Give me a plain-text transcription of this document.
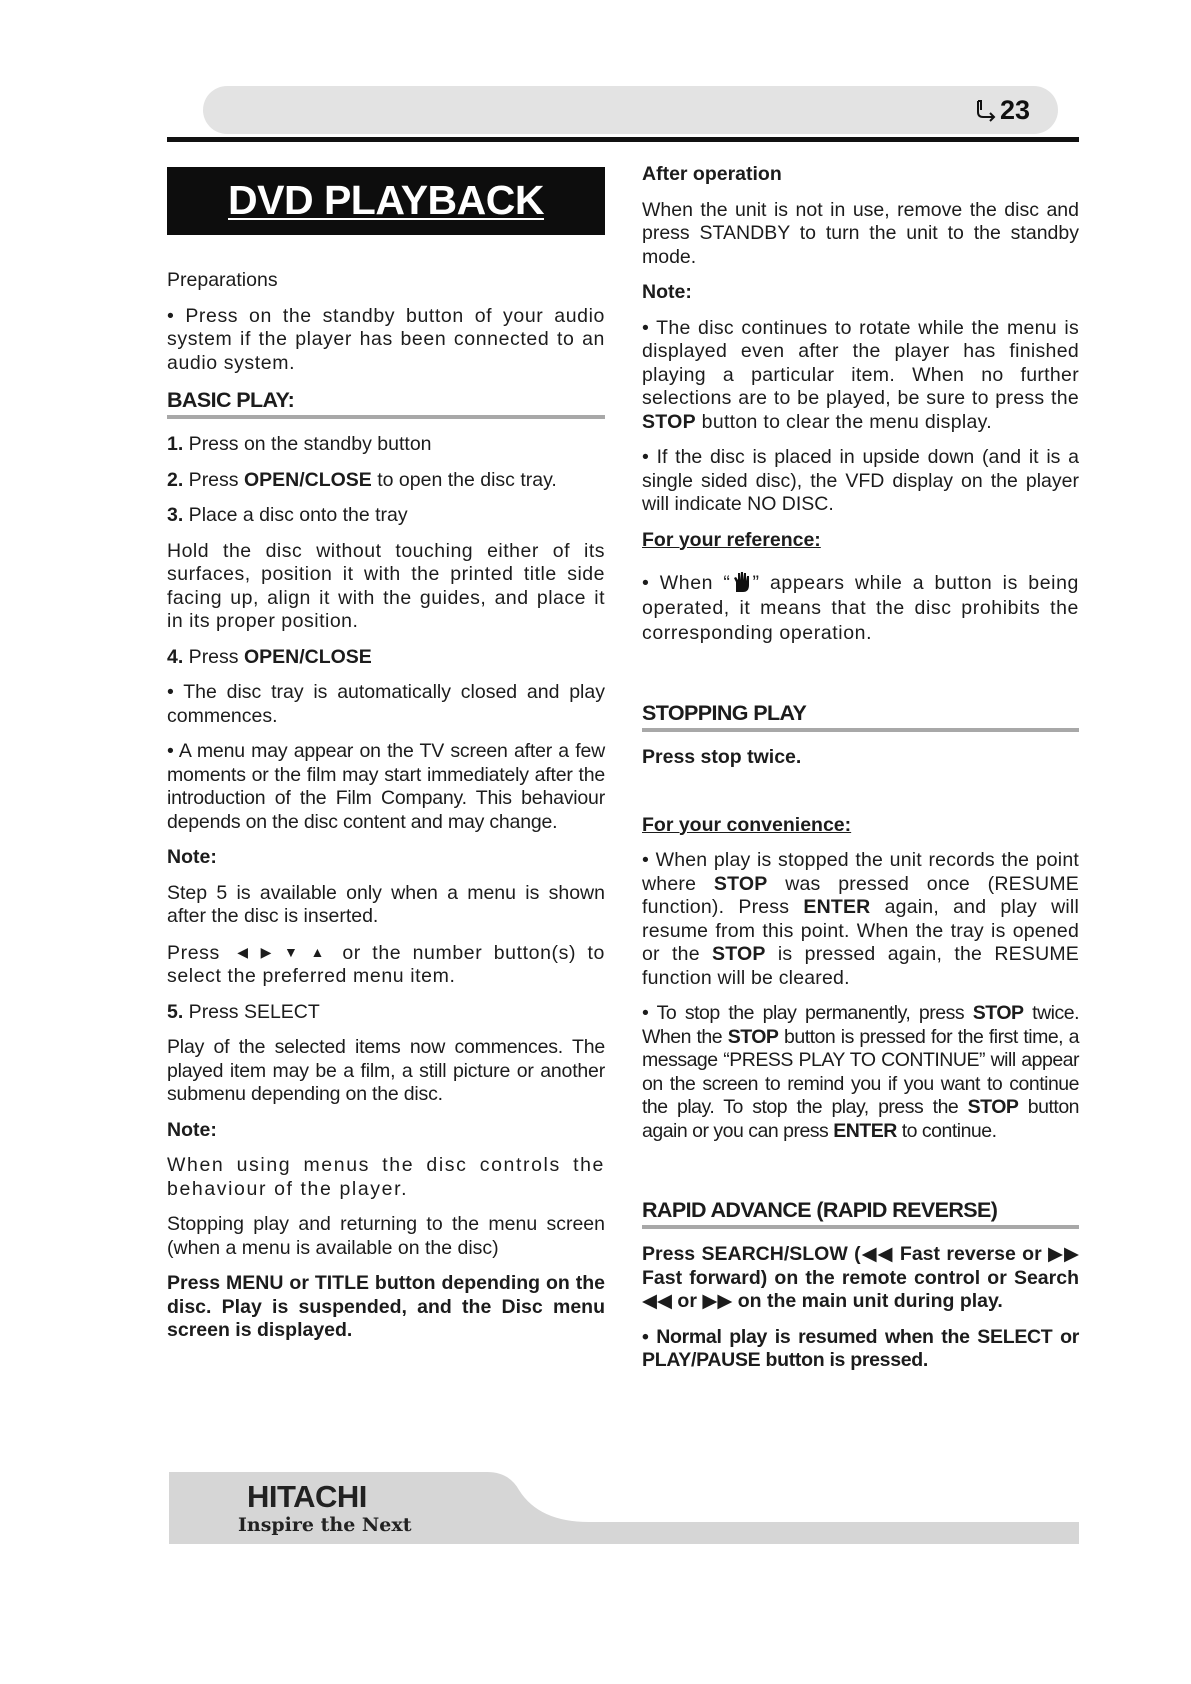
23
DVD PLAYBACK

Preparations

• Press on the standby button of your audio system if the player has been connected to an audio system.

BASIC PLAY:

1. Press on the standby button

2. Press OPEN/CLOSE to open the disc tray.

3. Place a disc onto the tray

Hold the disc without touching either of its surfaces, position it with the printed title side facing up, align it with the guides, and place it in its proper position.

4. Press OPEN/CLOSE

• The disc tray is automatically closed and play commences.

• A menu may appear on the TV screen after a few moments or the film may start immediately after the introduction of the Film Company. This behaviour depends on the disc content and may change.

Note:

Step 5 is available only when a menu is shown after the disc is inserted.

Press ◀ ▶ ▼ ▲ or the number button(s) to select the preferred menu item.

5. Press SELECT

Play of the selected items now commences. The played item may be a film, a still picture or another submenu depending on the disc.

Note:

When using menus the disc controls the behaviour of the player.

Stopping play and returning to the menu screen (when a menu is available on the disc)

Press MENU or TITLE button depending on the disc. Play is suspended, and the Disc menu screen is displayed.

After operation

When the unit is not in use, remove the disc and press STANDBY to turn the unit to the standby mode.

Note:

• The disc continues to rotate while the menu is displayed even after the player has finished playing a particular item. When no further selections are to be played, be sure to press the STOP button to clear the menu display.

• If the disc is placed in upside down (and it is a single sided disc), the VFD display on the player will indicate NO DISC.

For your reference:

• When “ ” appears while a button is being operated, it means that the disc prohibits the corresponding operation.

STOPPING PLAY

Press stop twice.

For your convenience:

• When play is stopped the unit records the point where STOP was pressed once (RESUME function). Press ENTER again, and play will resume from this point. When the tray is opened or the STOP is pressed again, the RESUME function will be cleared.

• To stop the play permanently, press STOP twice. When the STOP button is pressed for the first time, a message “PRESS PLAY TO CONTINUE” will appear on the screen to remind you if you want to continue the play. To stop the play, press the STOP button again or you can press ENTER to continue.

RAPID ADVANCE (RAPID REVERSE)

Press SEARCH/SLOW (◀◀ Fast reverse or ▶▶ Fast forward) on the remote control or Search ◀◀ or ▶▶ on the main unit during play.

• Normal play is resumed when the SELECT or PLAY/PAUSE button is pressed.

HITACHI
Inspire the Next
